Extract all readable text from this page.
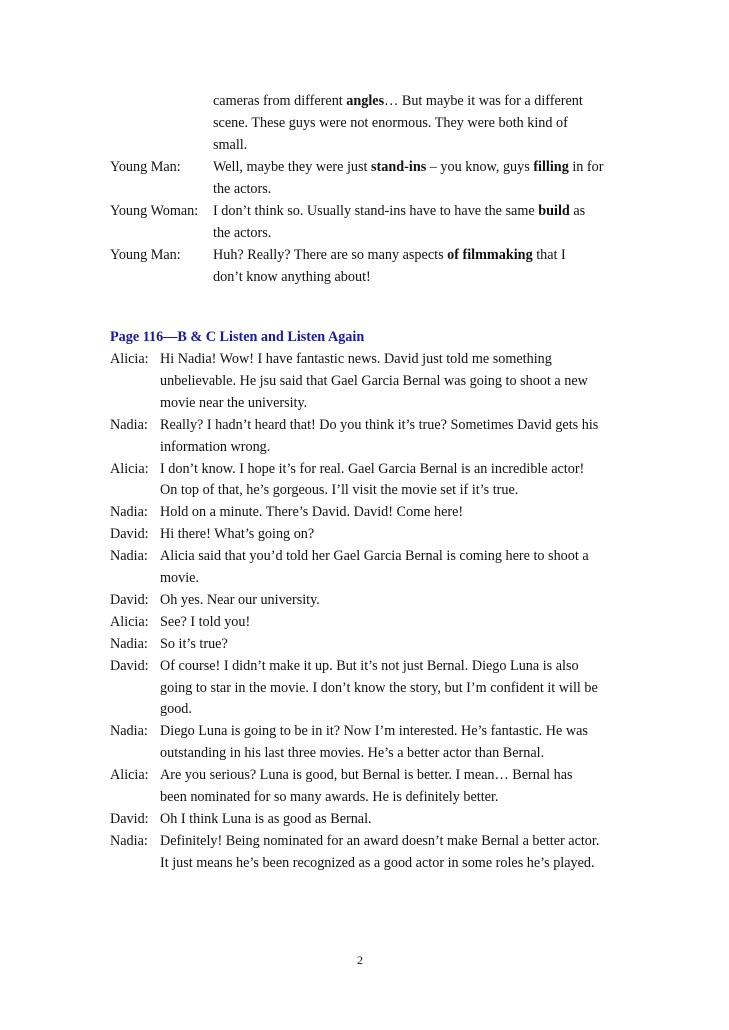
cameras from different angles… But maybe it was for a different
scene. These guys were not enormous. They were both kind of
small.
Young Man: Well, maybe they were just stand-ins – you know, guys filling in for
the actors.
Young Woman: I don’t think so. Usually stand-ins have to have the same build as
the actors.
Young Man: Huh? Really? There are so many aspects of filmmaking that I
don’t know anything about!
Page 116—B & C Listen and Listen Again
Alicia: Hi Nadia! Wow! I have fantastic news. David just told me something
unbelievable. He jsu said that Gael Garcia Bernal was going to shoot a new
movie near the university.
Nadia: Really? I hadn’t heard that! Do you think it’s true? Sometimes David gets his
information wrong.
Alicia: I don’t know. I hope it’s for real. Gael Garcia Bernal is an incredible actor!
On top of that, he’s gorgeous. I’ll visit the movie set if it’s true.
Nadia: Hold on a minute. There’s David. David! Come here!
David: Hi there! What’s going on?
Nadia: Alicia said that you’d told her Gael Garcia Bernal is coming here to shoot a
movie.
David: Oh yes. Near our university.
Alicia: See? I told you!
Nadia: So it’s true?
David: Of course! I didn’t make it up. But it’s not just Bernal. Diego Luna is also
going to star in the movie. I don’t know the story, but I’m confident it will be
good.
Nadia: Diego Luna is going to be in it? Now I’m interested. He’s fantastic. He was
outstanding in his last three movies. He’s a better actor than Bernal.
Alicia: Are you serious? Luna is good, but Bernal is better. I mean… Bernal has
been nominated for so many awards. He is definitely better.
David: Oh I think Luna is as good as Bernal.
Nadia: Definitely! Being nominated for an award doesn’t make Bernal a better actor.
It just means he’s been recognized as a good actor in some roles he’s played.
2
